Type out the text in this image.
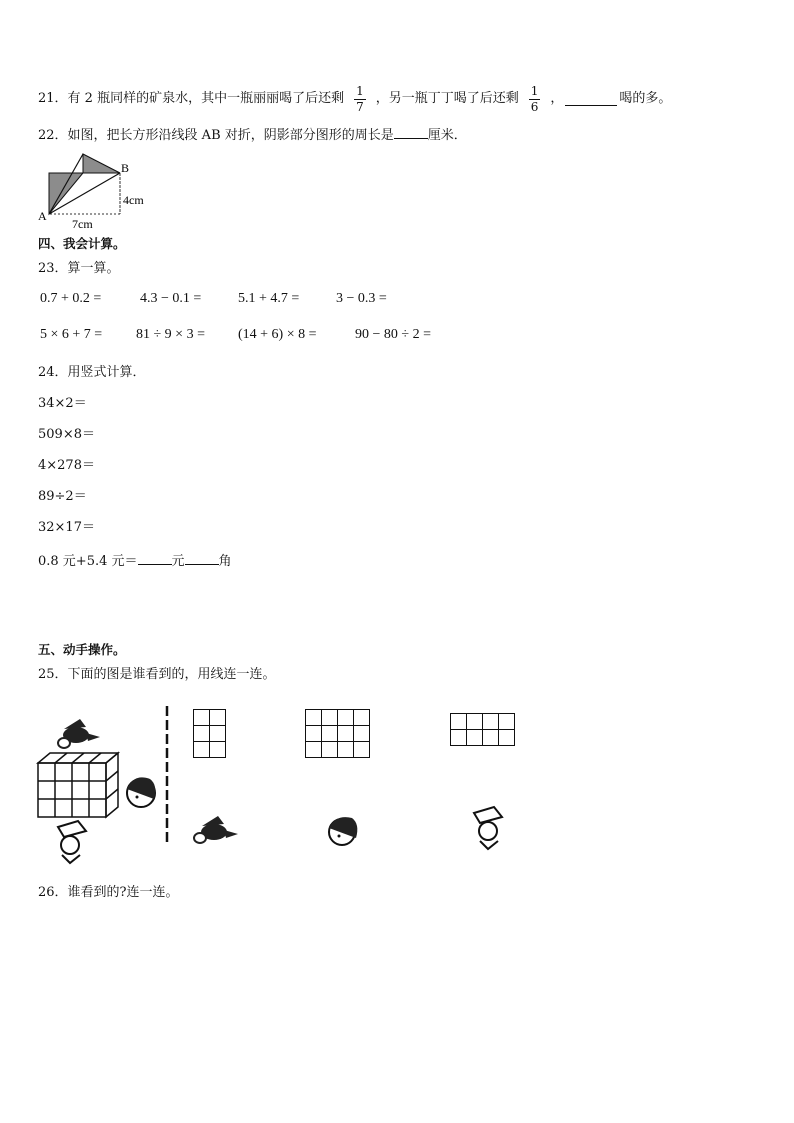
21．有 2 瓶同样的矿泉水，其中一瓶丽丽喝了后还剩 $\frac{1}{7}$ ，另一瓶丁丁喝了后还剩 $\frac{1}{6}$ ，	喝的多。
22．如图，把长方形沿线段 AB 对折，阴影部分图形的周长是	厘米．
A
B
4cm
7cm
四、我会计算。
23．算一算。
0.7 + 0.2 =	4.3 − 0.1 =	5.1 + 4.7 =	3 − 0.3 =
5 × 6 + 7 = 81 ÷ 9 × 3 = (14 + 6) × 8 =	90 − 80 ÷ 2 =
24．用竖式计算．
34×2＝
509×8＝
4×278＝
89÷2＝
32×17＝
0.8 元+5.4 元＝	元	角
五、动手操作。
25．下面的图是谁看到的，用线连一连。

26．谁看到的?连一连。
